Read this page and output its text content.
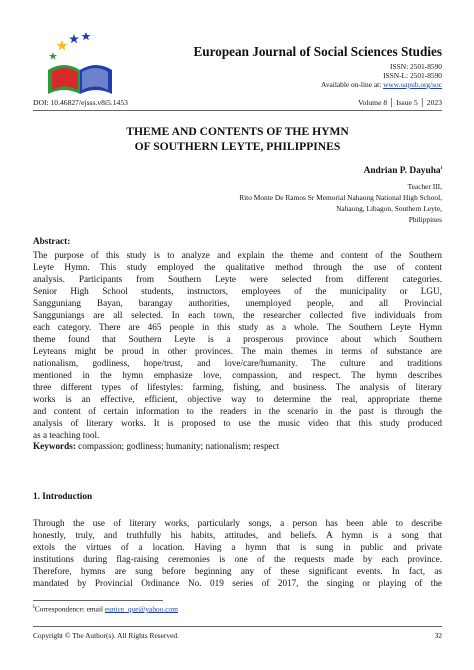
European Journal of Social Sciences Studies
ISSN: 2501-8590
ISSN-L: 2501-8590
Available on-line at: www.oapub.org/soc
DOI: 10.46827/ejsss.v8i5.1453	Volume 8 │ Issue 5 │ 2023
THEME AND CONTENTS OF THE HYMN
OF SOUTHERN LEYTE, PHILIPPINES
Andrian P. Dayuha$^i$
Teacher III,
Rito Monte De Ramos Sr Memorial Nahaong National High School,
Nahaong, Libagon, Southern Leyte,
Philippines
Abstract:
The purpose of this study is to analyze and explain the theme and content of the Southern
Leyte Hymn. This study employed the qualitative method through the use of content
analysis. Participants from Southern Leyte were selected from different categories.
Senior High School students, instructors, employees of the municipality or LGU,
Sangguniang Bayan, barangay authorities, unemployed people, and all Provincial
Sangguniangs are all selected. In each town, the researcher collected five individuals from
each category. There are 465 people in this study as a whole. The Southern Leyte Hymn
theme found that Southern Leyte is a prosperous province about which Southern
Leyteans might be proud in other provinces. The main themes in terms of substance are
nationalism, godliness, hope/trust, and love/care/humanity. The culture and traditions
mentioned in the hymn emphasize love, compassion, and respect. The hymn describes
three different types of lifestyles: farming, fishing, and business. The analysis of literary
works is an effective, efficient, objective way to determine the real, appropriate theme
and content of certain information to the readers in the scenario in the past is through the
analysis of literary works. It is proposed to use the music video that this study produced
as a teaching tool.
Keywords: compassion; godliness; humanity; nationalism; respect
1. Introduction
Through the use of literary works, particularly songs, a person has been able to describe
honestly, truly, and truthfully his habits, attitudes, and beliefs. A hymn is a song that
extols the virtues of a location. Having a hymn that is sung in public and private
institutions during flag-raising ceremonies is one of the requests made by each province.
Therefore, hymns are sung before beginning any of these significant events. In fact, as
mandated by Provincial Ordinance No. 019 series of 2017, the singing or playing of the
$^i$Correspondence: email eunice_que@yahoo.com
Copyright © The Author(s). All Rights Reserved.	32
